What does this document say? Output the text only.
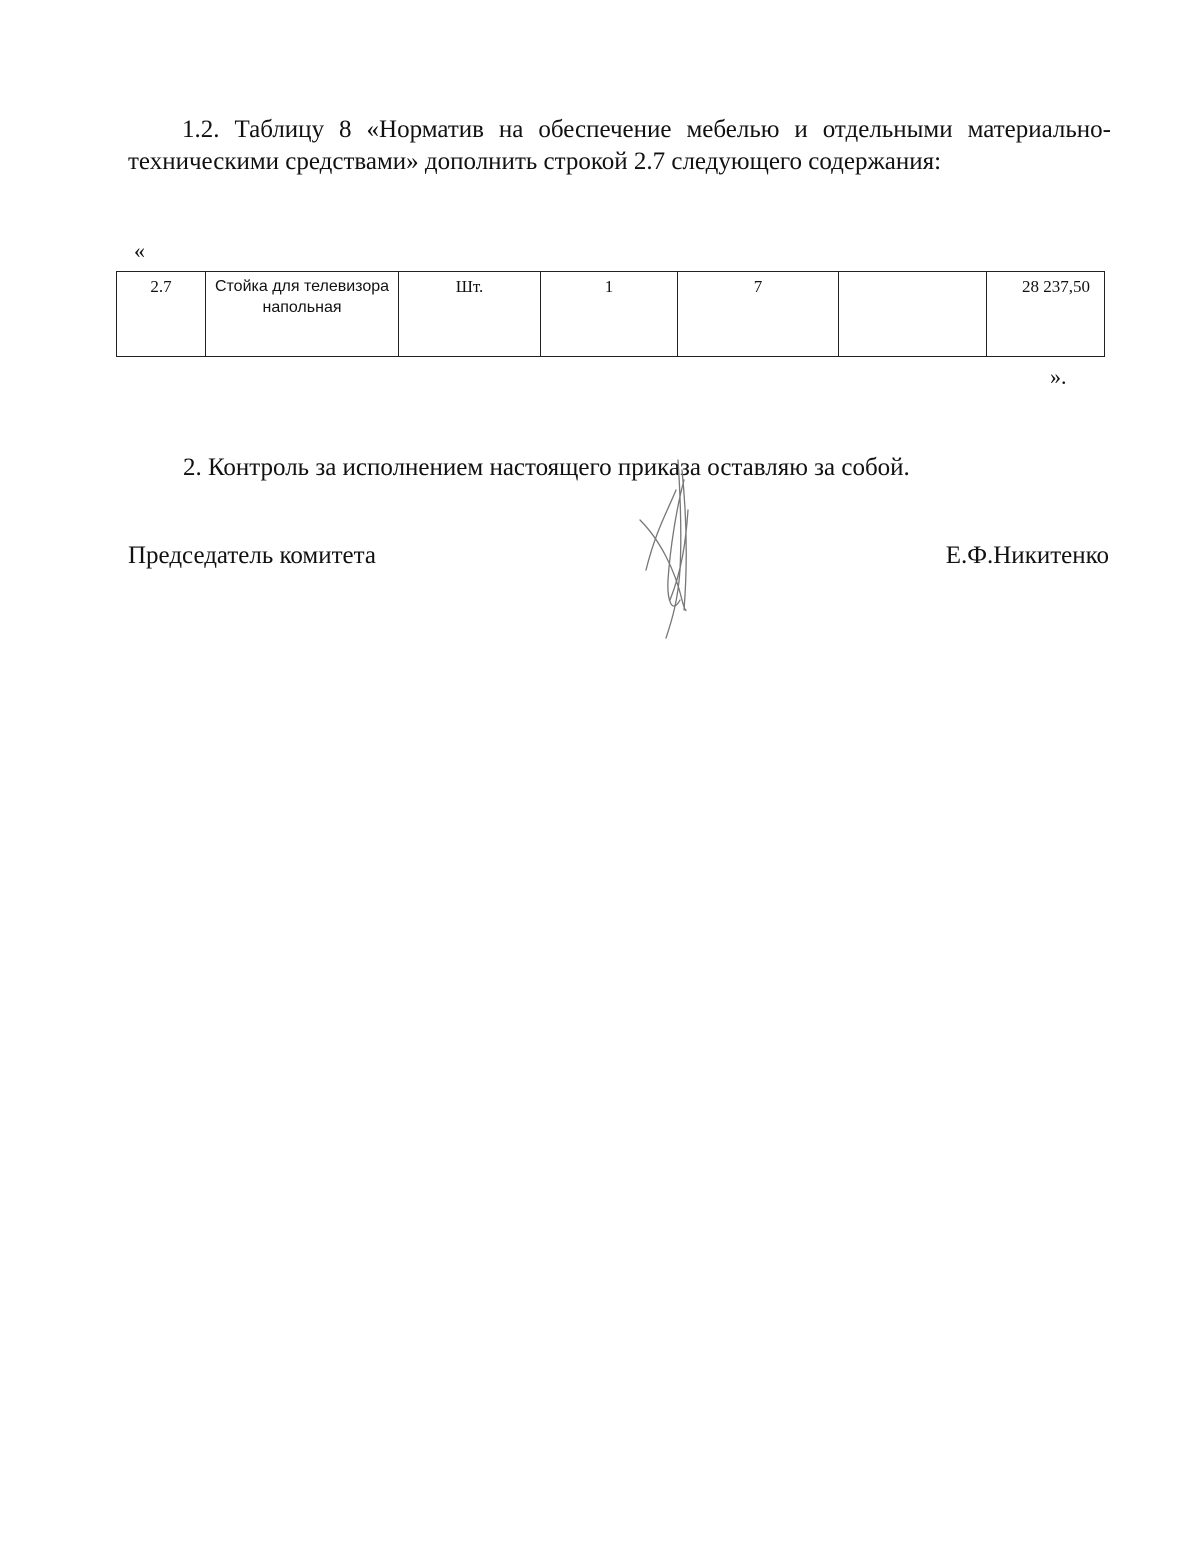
1.2. Таблицу 8 «Норматив на обеспечение мебелью и отдельными материально-техническими средствами» дополнить строкой 2.7 следующего содержания:

«
2.7	Стойка для телевизора напольная	Шт.	1	7		28 237,50
».

2. Контроль за исполнением настоящего приказа оставляю за собой.

Председатель комитета	Е.Ф.Никитенко
